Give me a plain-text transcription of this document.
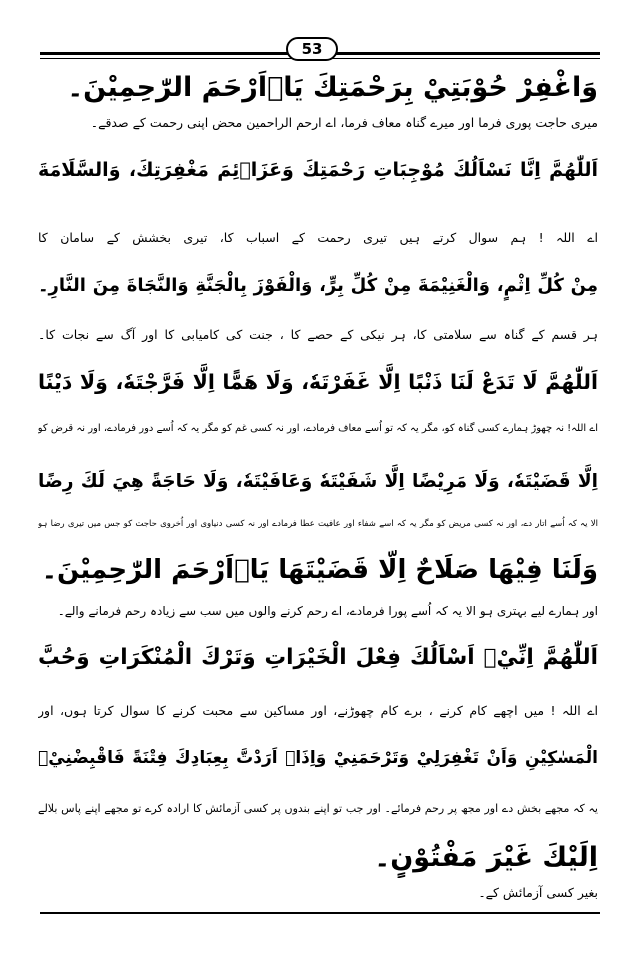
53
وَاغْفِرْ حُوْبَتِيْ بِرَحْمَتِكَ يَاۤاَرْحَمَ الرّٰحِمِيْنَ۔
میری حاجت پوری فرما اور میرے گناہ معاف فرما، اے ارحم الراحمین محض اپنی رحمت کے صدقے۔
اَللّٰهُمَّ اِنَّا نَسْاَلُكَ مُوْجِبَاتِ رَحْمَتِكَ وَعَزَاۤئِمَ مَغْفِرَتِكَ، وَالسَّلَامَةَ
اے اللہ ! ہم سوال کرتے ہیں تیری رحمت کے اسباب کا، تیری بخشش کے سامان کا
مِنْ كُلِّ اِثْمٍ، وَالْغَنِيْمَةَ مِنْ كُلِّ بِرٍّ، وَالْفَوْزَ بِالْجَنَّةِ وَالنَّجَاةَ مِنَ النَّارِ۔
ہر قسم کے گناہ سے سلامتی کا، ہر نیکی کے حصے کا ، جنت کی کامیابی کا اور آگ سے نجات کا۔
اَللّٰهُمَّ لَا تَدَعْ لَنَا ذَنْبًا اِلَّا غَفَرْتَهٗ، وَلَا هَمًّا اِلَّا فَرَّجْتَهٗ، وَلَا دَيْنًا
اے اللہ! نہ چھوڑ ہمارے کسی گناہ کو، مگر یہ کہ تو اُسے معاف فرمادے، اور نہ کسی غم کو مگر یہ کہ اُسے دور فرمادے، اور نہ قرض کو
اِلَّا قَضَيْتَهٗ، وَلَا مَرِيْضًا اِلَّا شَفَيْتَهٗ وَعَافَيْتَهٗ، وَلَا حَاجَةً هِيَ لَكَ رِضًا
الا یہ کہ اُسے اتار دے، اور نہ کسی مریض کو مگر یہ کہ اسے شفاء اور عافیت عطا فرمادے اور نہ کسی دنیاوی اور اُخروی حاجت کو جس میں تیری رضا ہو
وَلَنَا فِيْهَا صَلَاحٌ اِلَّا قَضَيْتَهَا يَاۤاَرْحَمَ الرّٰحِمِيْنَ۔
اور ہمارے لیے بہتری ہو الا یہ کہ اُسے پورا فرمادے، اے رحم کرنے والوں میں سب سے زیادہ رحم فرمانے والے۔
اَللّٰهُمَّ اِنِّيْۤ اَسْاَلُكَ فِعْلَ الْخَيْرَاتِ وَتَرْكَ الْمُنْكَرَاتِ وَحُبَّ
اے اللہ ! میں اچھے کام کرنے ، برے کام چھوڑنے، اور مساکین سے محبت کرنے کا سوال کرتا ہوں، اور
الْمَسٰكِيْنِ وَاَنْ تَغْفِرَلِيْ وَتَرْحَمَنِيْ وَاِذَاۤ اَرَدْتَّ بِعِبَادِكَ فِتْنَةً فَاقْبِضْنِيْۤ
یہ کہ مجھے بخش دے اور مجھ پر رحم فرمائے۔ اور جب تو اپنے بندوں پر کسی آزمائش کا ارادہ کرے تو مجھے اپنے پاس بلالے
اِلَيْكَ غَيْرَ مَفْتُوْنٍ۔
بغیر کسی آزمائش کے۔
